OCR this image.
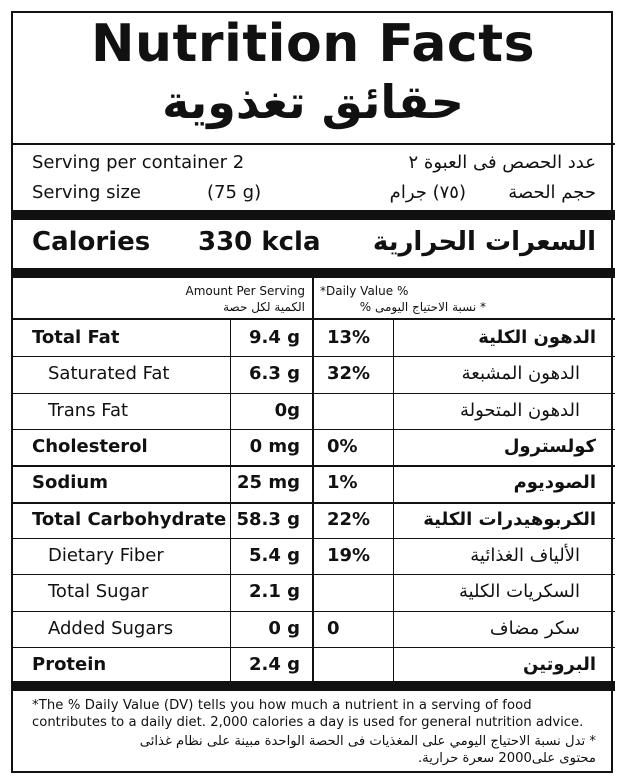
Nutrition Facts
حقائق تغذوية
Serving per container 2	عدد الحصص فى العبوة ٢
Serving size	(75 g)	(٧٥) جرام حجم الحصة
Calories 330 kcla السعرات الحرارية
Amount Per Serving
الكمية لكل حصة
*Daily Value %
* نسبة الاحتياج اليومى %
Total Fat	9.4 g 13%	الدهون الكلية
Saturated Fat	6.3 g 32%	الدهون المشبعة
Trans Fat	0g	الدهون المتحولة
Cholesterol	0 mg 0%	كولسترول
Sodium	25 mg 1%	الصوديوم
Total Carbohydrate 58.3 g 22%	الكربوهيدرات الكلية
Dietary Fiber	5.4 g 19%	الألياف الغذائية
Total Sugar	2.1 g	السكريات الكلية
Added Sugars	0 g 0	سكر مضاف
Protein	2.4 g	البروتين
*The % Daily Value (DV) tells you how much a nutrient in a serving of food
contributes to a daily diet. 2,000 calories a day is used for general nutrition advice.
* تدل نسبة الاحتياج اليومي على المغذيات فى الحصة الواحدة مبينة على نظام غذائى
محتوى على2000 سعرة حرارية.
